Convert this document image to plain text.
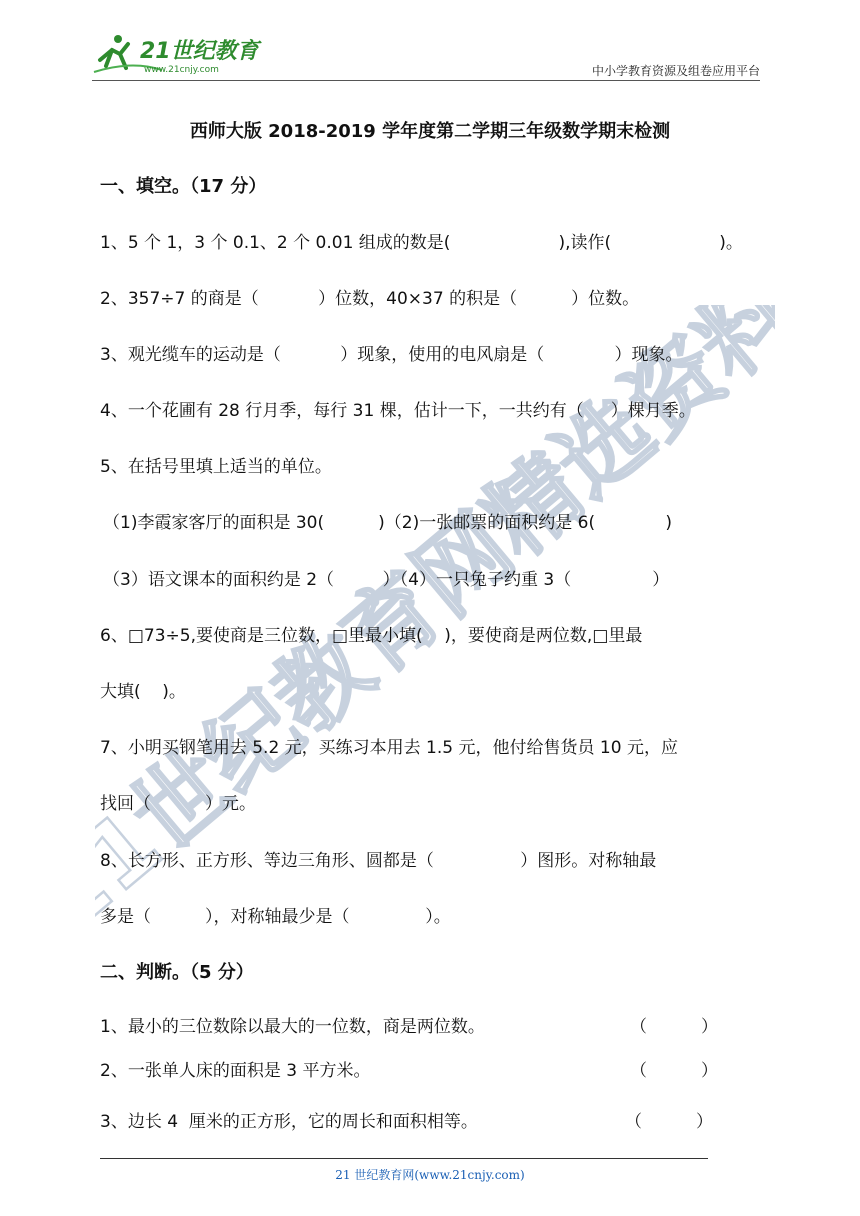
21世纪教育网精选资料
21世纪教育
www.21cnjy.com	中小学教育资源及组卷应用平台
西师大版 2018-2019 学年度第二学期三年级数学期末检测
一、填空。（17 分）
1、5 个 1，3 个 0.1、2 个 0.01 组成的数是(                    ),读作(                    )。
2、357÷7 的商是（           ）位数，40×37 的积是（          ）位数。
3、观光缆车的运动是（           ）现象，使用的电风扇是（             ）现象。
4、一个花圃有 28 行月季，每行 31 棵，估计一下，一共约有（     ）棵月季。
5、在括号里填上适当的单位。
（1)李霞家客厅的面积是 30(          )（2)一张邮票的面积约是 6(             )
（3）语文课本的面积约是 2（         ）（4）一只兔子约重 3（               ）
6、□73÷5,要使商是三位数，□里最小填(    )，要使商是两位数,□里最
大填(    )。
7、小明买钢笔用去 5.2 元，买练习本用去 1.5 元，他付给售货员 10 元，应
找回（          ）元。
8、长方形、正方形、等边三角形、圆都是（                ）图形。对称轴最
多是（          ），对称轴最少是（              ）。
二、判断。（5 分）
1、最小的三位数除以最大的一位数，商是两位数。	（          ）
2、一张单人床的面积是 3 平方米。	（          ）
3、边长 4  厘米的正方形，它的周长和面积相等。	（          ）
21 世纪教育网(www.21cnjy.com)
